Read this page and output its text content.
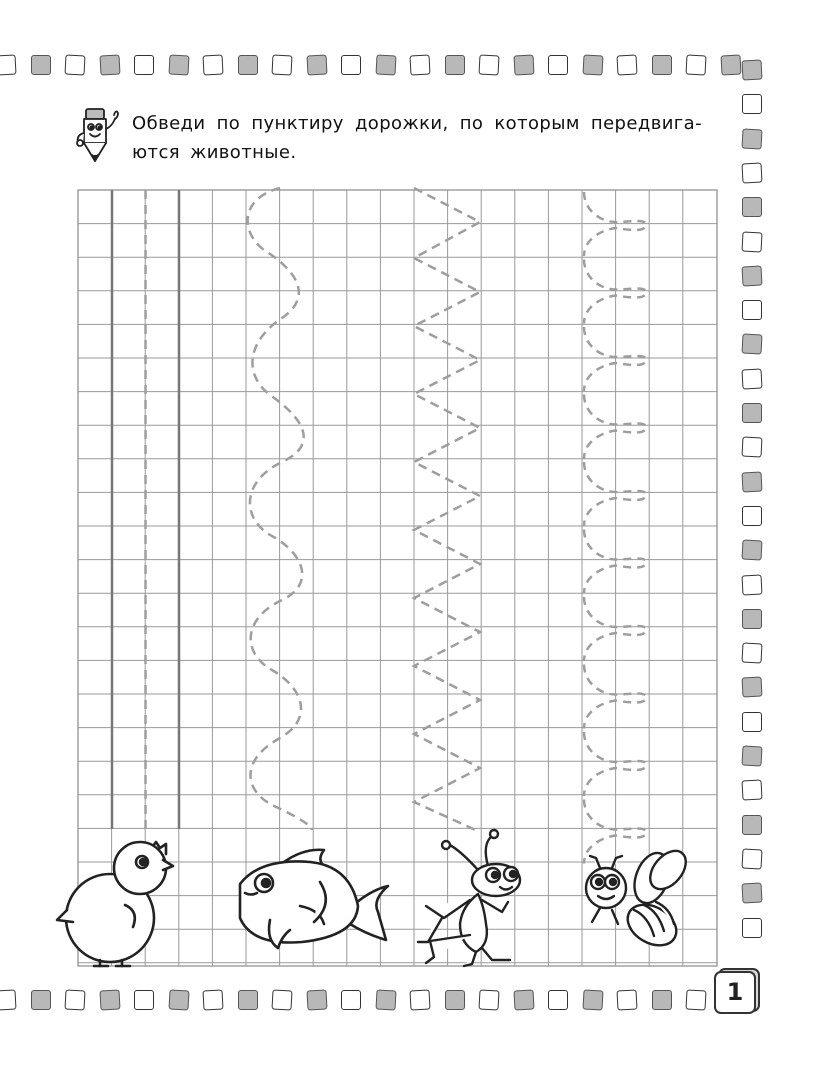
Обведи по пунктиру дорожки, по которым передвига-ются животные.
1
